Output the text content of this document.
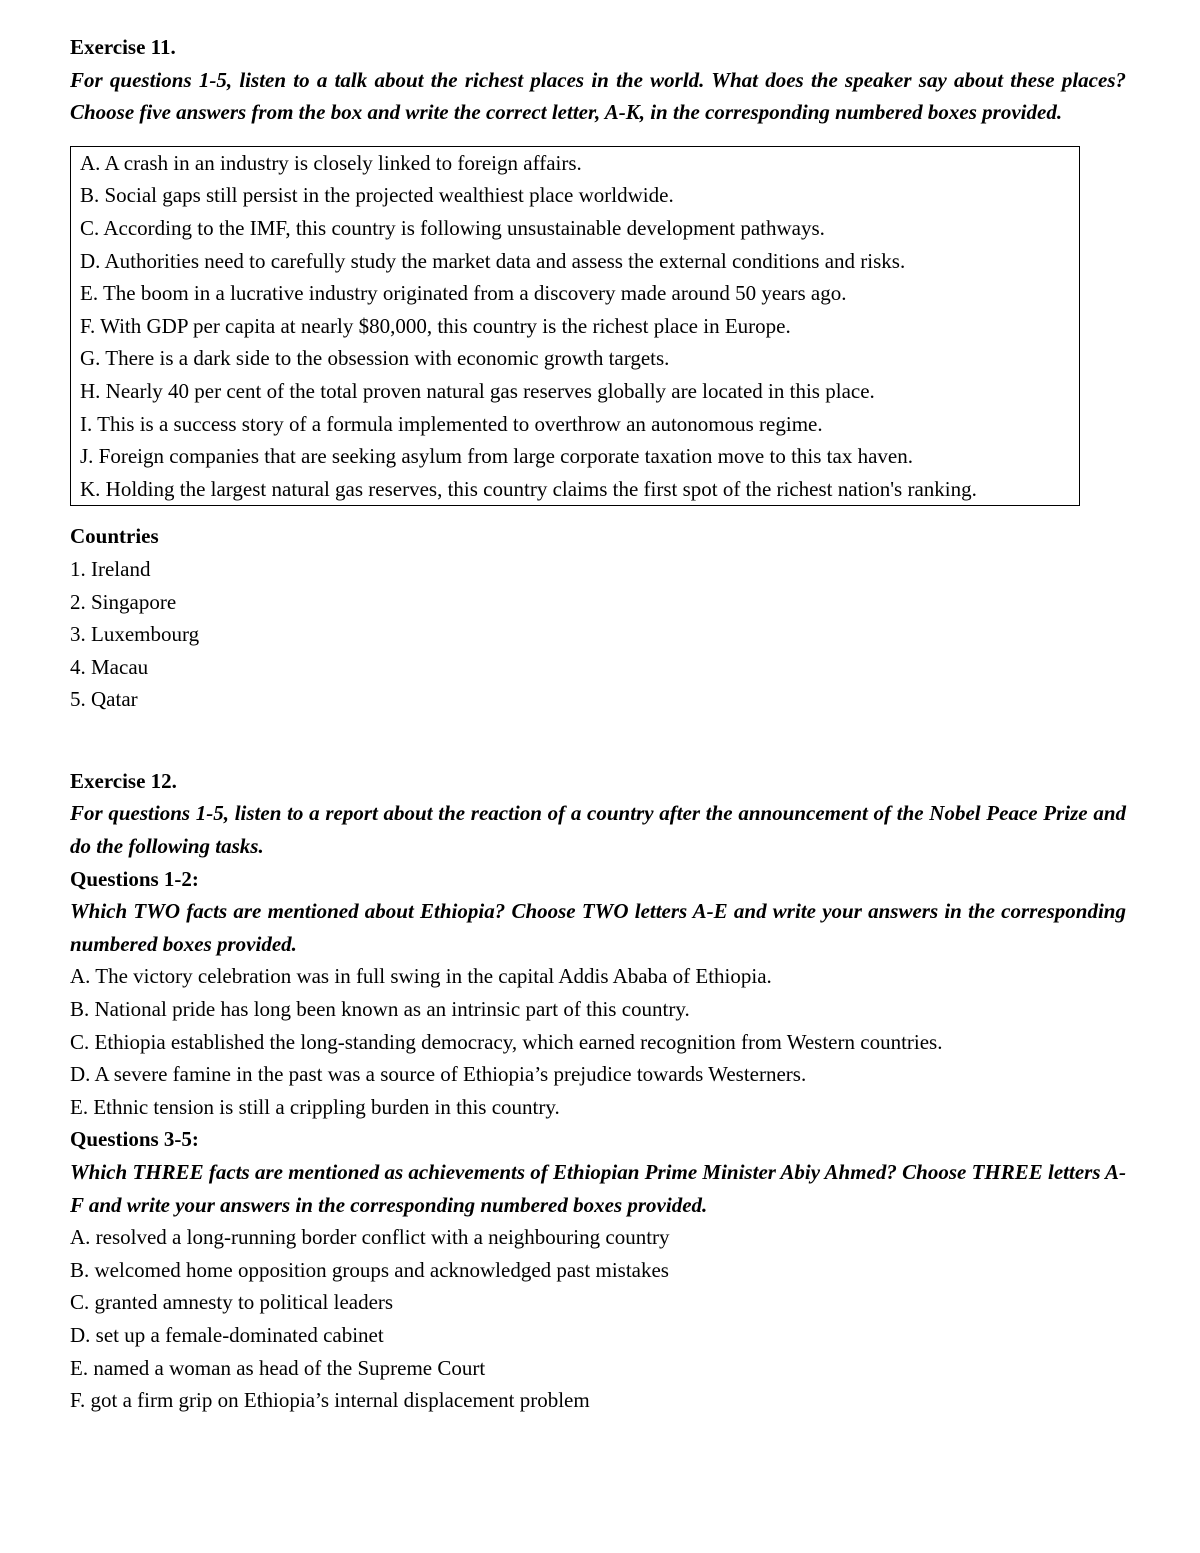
Exercise 11.
For questions 1-5, listen to a talk about the richest places in the world. What does the speaker say about these places? Choose five answers from the box and write the correct letter, A-K, in the corresponding numbered boxes provided.
A. A crash in an industry is closely linked to foreign affairs.
B. Social gaps still persist in the projected wealthiest place worldwide.
C. According to the IMF, this country is following unsustainable development pathways.
D. Authorities need to carefully study the market data and assess the external conditions and risks.
E. The boom in a lucrative industry originated from a discovery made around 50 years ago.
F. With GDP per capita at nearly $80,000, this country is the richest place in Europe.
G. There is a dark side to the obsession with economic growth targets.
H. Nearly 40 per cent of the total proven natural gas reserves globally are located in this place.
I. This is a success story of a formula implemented to overthrow an autonomous regime.
J. Foreign companies that are seeking asylum from large corporate taxation move to this tax haven.
K. Holding the largest natural gas reserves, this country claims the first spot of the richest nation's ranking.
Countries
1. Ireland
2. Singapore
3. Luxembourg
4. Macau
5. Qatar
Exercise 12.
For questions 1-5, listen to a report about the reaction of a country after the announcement of the Nobel Peace Prize and do the following tasks.
Questions 1-2:
Which TWO facts are mentioned about Ethiopia? Choose TWO letters A-E and write your answers in the corresponding numbered boxes provided.
A. The victory celebration was in full swing in the capital Addis Ababa of Ethiopia.
B. National pride has long been known as an intrinsic part of this country.
C. Ethiopia established the long-standing democracy, which earned recognition from Western countries.
D. A severe famine in the past was a source of Ethiopia’s prejudice towards Westerners.
E. Ethnic tension is still a crippling burden in this country.
Questions 3-5:
Which THREE facts are mentioned as achievements of Ethiopian Prime Minister Abiy Ahmed? Choose THREE letters A-F and write your answers in the corresponding numbered boxes provided.
A. resolved a long-running border conflict with a neighbouring country
B. welcomed home opposition groups and acknowledged past mistakes
C. granted amnesty to political leaders
D. set up a female-dominated cabinet
E. named a woman as head of the Supreme Court
F. got a firm grip on Ethiopia’s internal displacement problem
